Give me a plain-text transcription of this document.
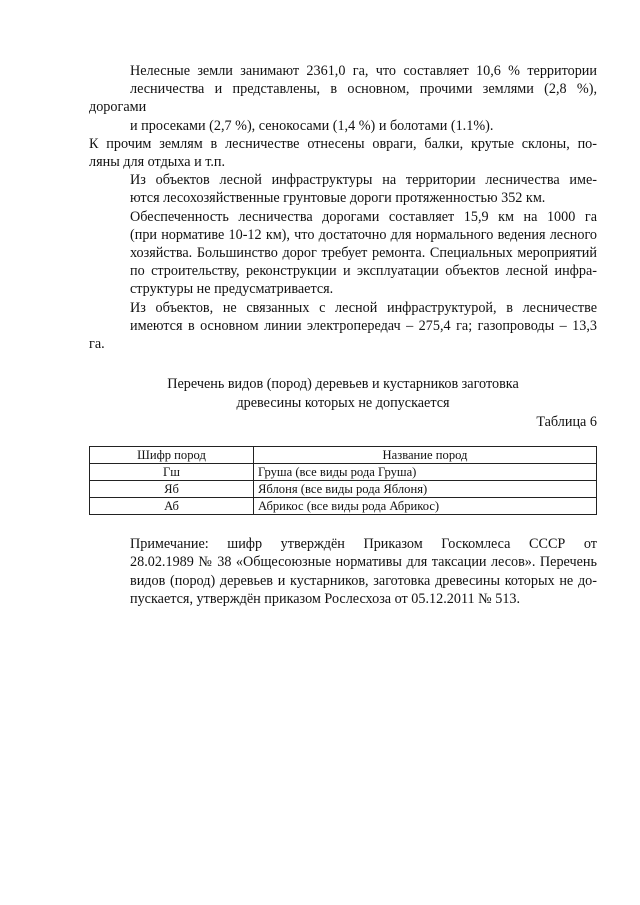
Нелесные земли занимают 2361,0 га, что составляет 10,6 % территории
лесничества и представлены, в основном, прочими землями (2,8 %), дорогами
и просеками (2,7 %), сенокосами (1,4 %) и болотами (1.1%).
К прочим землям в лесничестве отнесены овраги, балки, крутые склоны, по-
ляны для отдыха и т.п.
Из объектов лесной инфраструктуры на территории лесничества име-
ются лесохозяйственные грунтовые дороги протяженностью 352 км.
Обеспеченность лесничества дорогами составляет 15,9 км на 1000 га
(при нормативе 10-12 км), что достаточно для нормального ведения лесного
хозяйства. Большинство дорог требует ремонта. Специальных мероприятий
по строительству, реконструкции и эксплуатации объектов лесной инфра-
структуры не предусматривается.
Из объектов, не связанных с лесной инфраструктурой, в лесничестве
имеются в основном линии электропередач – 275,4 га; газопроводы – 13,3 га.
Перечень видов (пород) деревьев и кустарников заготовка
древесины которых не допускается
Таблица 6
Шифр пород	Название пород
Гш	Груша (все виды рода Груша)
Яб	Яблоня (все виды рода Яблоня)
Аб	Абрикос (все виды рода Абрикос)
Примечание: шифр утверждён Приказом Госкомлеса СССР от
28.02.1989 № 38 «Общесоюзные нормативы для таксации лесов». Перечень
видов (пород) деревьев и кустарников, заготовка древесины которых не до-
пускается, утверждён приказом Рослесхоза от 05.12.2011 № 513.
